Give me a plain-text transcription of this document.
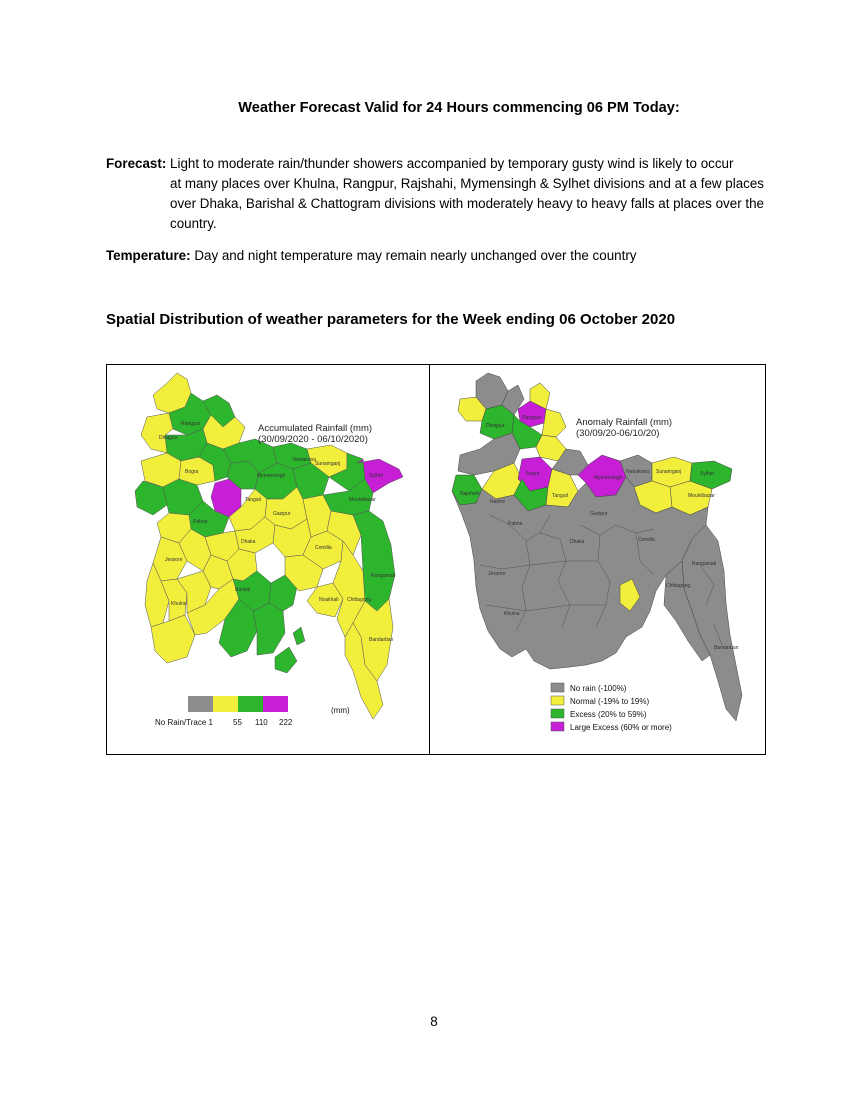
Weather Forecast Valid for 24 Hours commencing 06 PM Today:
Forecast: Light to moderate rain/thunder showers accompanied by temporary gusty wind is likely to occur
at many places over Khulna, Rangpur, Rajshahi, Mymensingh & Sylhet divisions and at a few places over Dhaka, Barishal & Chattogram divisions with moderately heavy to heavy falls at places over the country.
Temperature: Day and night temperature may remain nearly unchanged over the country
Spatial Distribution of weather parameters for the Week ending 06 October 2020
Rangpur
Dinajpur
Sylhet
Sunamganj
Mymensingh
Netrakona
Bogra
Tangail
Pabna
Gazipur
Dhaka
Jessore
Khulna
Barisal
Comilla
Chittagong
Rangamati
Bandarban
Noakhali
Moulvibazar
No Rain/Trace 1	55 110 222
(mm)
Accumulated Rainfall (mm)
(30/09/2020 - 06/10/2020)
Rangpur
Dinajpur
Sylhet
Sunamganj
Mymensingh
Netrakona
Bogra
Tangail
Pabna
Gazipur
Dhaka
Jessore
Khulna
Comilla
Chittagong
Rangamati
Bandarban
Moulvibazar
Rajshahi
Natore
No rain (-100%)
Normal (-19% to 19%)
Excess (20% to 59%)
Large Excess (60% or more)
Anomaly Rainfall (mm)
(30/09/20-06/10/20)
8
